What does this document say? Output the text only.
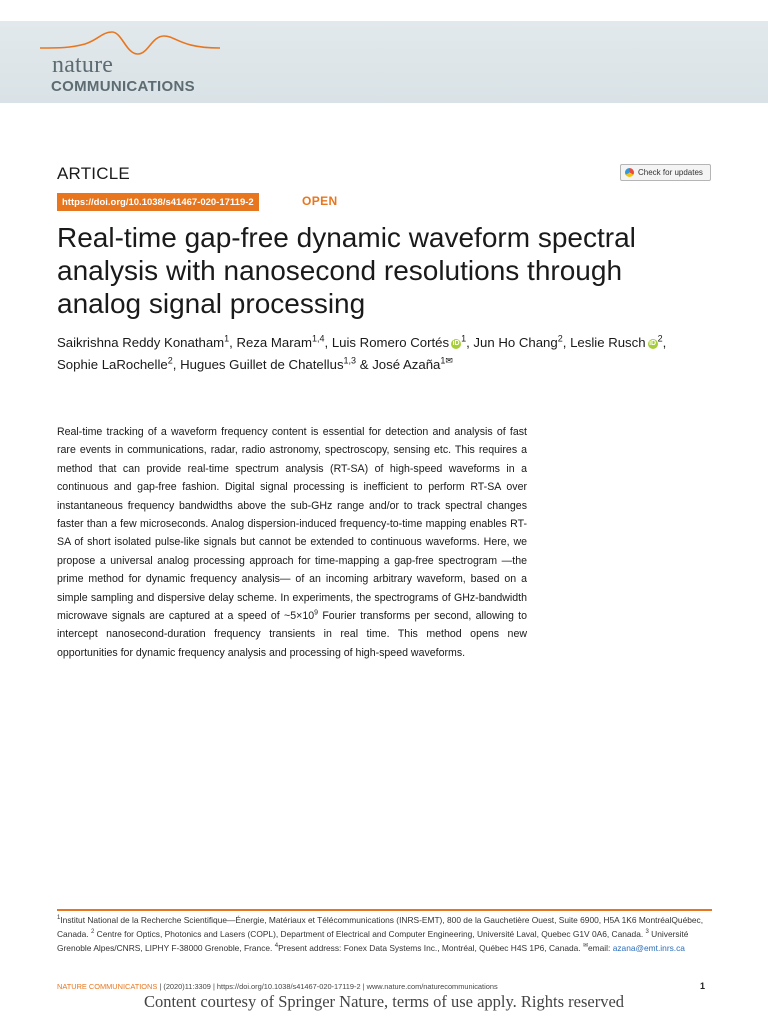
nature
COMMUNICATIONS
ARTICLE	Check for updates
https://doi.org/10.1038/s41467-020-17119-2	OPEN
Real-time gap-free dynamic waveform spectral analysis with nanosecond resolutions through analog signal processing
Saikrishna Reddy Konatham$^1$, Reza Maram$^{1,4}$, Luis Romero Cortés iD $^1$, Jun Ho Chang$^2$, Leslie Rusch iD $^2$, Sophie LaRochelle$^2$, Hugues Guillet de Chatellus$^{1,3}$ & José Azaña$^{1✉}$

Real-time tracking of a waveform frequency content is essential for detection and analysis of fast rare events in communications, radar, radio astronomy, spectroscopy, sensing etc. This requires a method that can provide real-time spectrum analysis (RT-SA) of high-speed waveforms in a continuous and gap-free fashion. Digital signal processing is inefficient to perform RT-SA over instantaneous frequency bandwidths above the sub-GHz range and/or to track spectral changes faster than a few microseconds. Analog dispersion-induced frequency-to-time mapping enables RT-SA of short isolated pulse-like signals but cannot be extended to continuous waveforms. Here, we propose a universal analog processing approach for time-mapping a gap-free spectrogram —the prime method for dynamic frequency analysis— of an incoming arbitrary waveform, based on a simple sampling and dispersive delay scheme. In experiments, the spectrograms of GHz-bandwidth microwave signals are captured at a speed of $\sim 5\times 10^9$ Fourier transforms per second, allowing to intercept nanosecond-duration frequency transients in real time. This method opens new opportunities for dynamic frequency analysis and processing of high-speed waveforms.

$^1$Institut National de la Recherche Scientifique—Énergie, Matériaux et Télécommunications (INRS-EMT), 800 de la Gauchetière Ouest, Suite 6900, H5A 1K6 MontréalQuébec, Canada. $^2$ Centre for Optics, Photonics and Lasers (COPL), Department of Electrical and Computer Engineering, Université Laval, Quebec G1V 0A6, Canada. $^3$ Université Grenoble Alpes/CNRS, LIPHY F-38000 Grenoble, France. $^4$Present address: Fonex Data Systems Inc., Montréal, Québec H4S 1P6, Canada. ✉email: azana@emt.inrs.ca

NATURE COMMUNICATIONS | (2020)11:3309 | https://doi.org/10.1038/s41467-020-17119-2 | www.nature.com/naturecommunications	1
Content courtesy of Springer Nature, terms of use apply. Rights reserved
